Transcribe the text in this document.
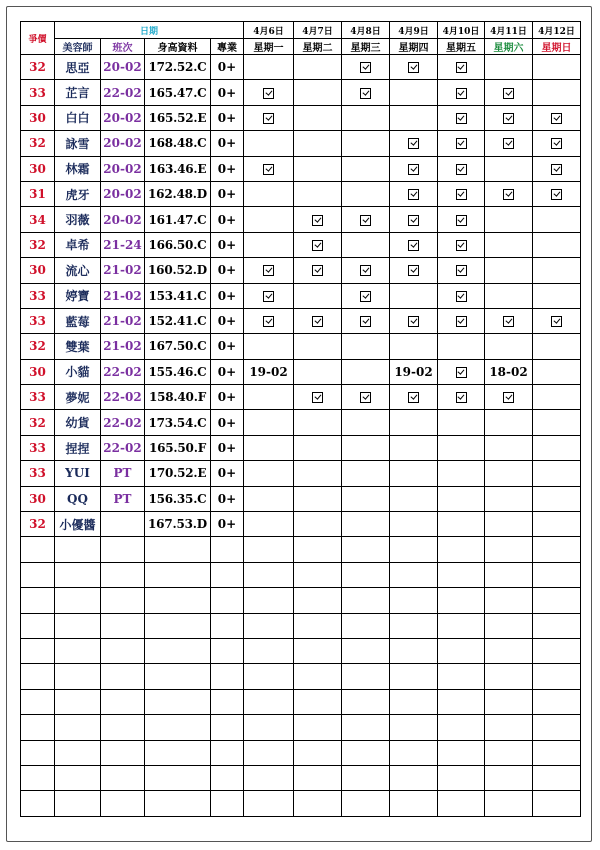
爭價	日期				4月6日	4月7日	4月8日	4月9日	4月10日	4月11日	4月12日
	美容師	班次	身高資料	專業	星期一	星期二	星期三	星期四	星期五	星期六	星期日
32	思亞	20-02	172.52.C	0+							
33	芷言	22-02	165.47.C	0+							
30	白白	20-02	165.52.E	0+							
32	詠雪	20-02	168.48.C	0+							
30	林霜	20-02	163.46.E	0+							
31	虎牙	20-02	162.48.D	0+							
34	羽薇	20-02	161.47.C	0+							
32	卓希	21-24	166.50.C	0+							
30	流心	21-02	160.52.D	0+							
33	婷寶	21-02	153.41.C	0+							
33	藍莓	21-02	152.41.C	0+							
32	雙葉	21-02	167.50.C	0+							
30	小貓	22-02	155.46.C	0+	19-02			19-02		18-02	
33	夢妮	22-02	158.40.F	0+							
32	幼貨	22-02	173.54.C	0+							
33	捏捏	22-02	165.50.F	0+							
33	YUI	PT	170.52.E	0+							
30	QQ	PT	156.35.C	0+							
32	小優醬		167.53.D	0+							
